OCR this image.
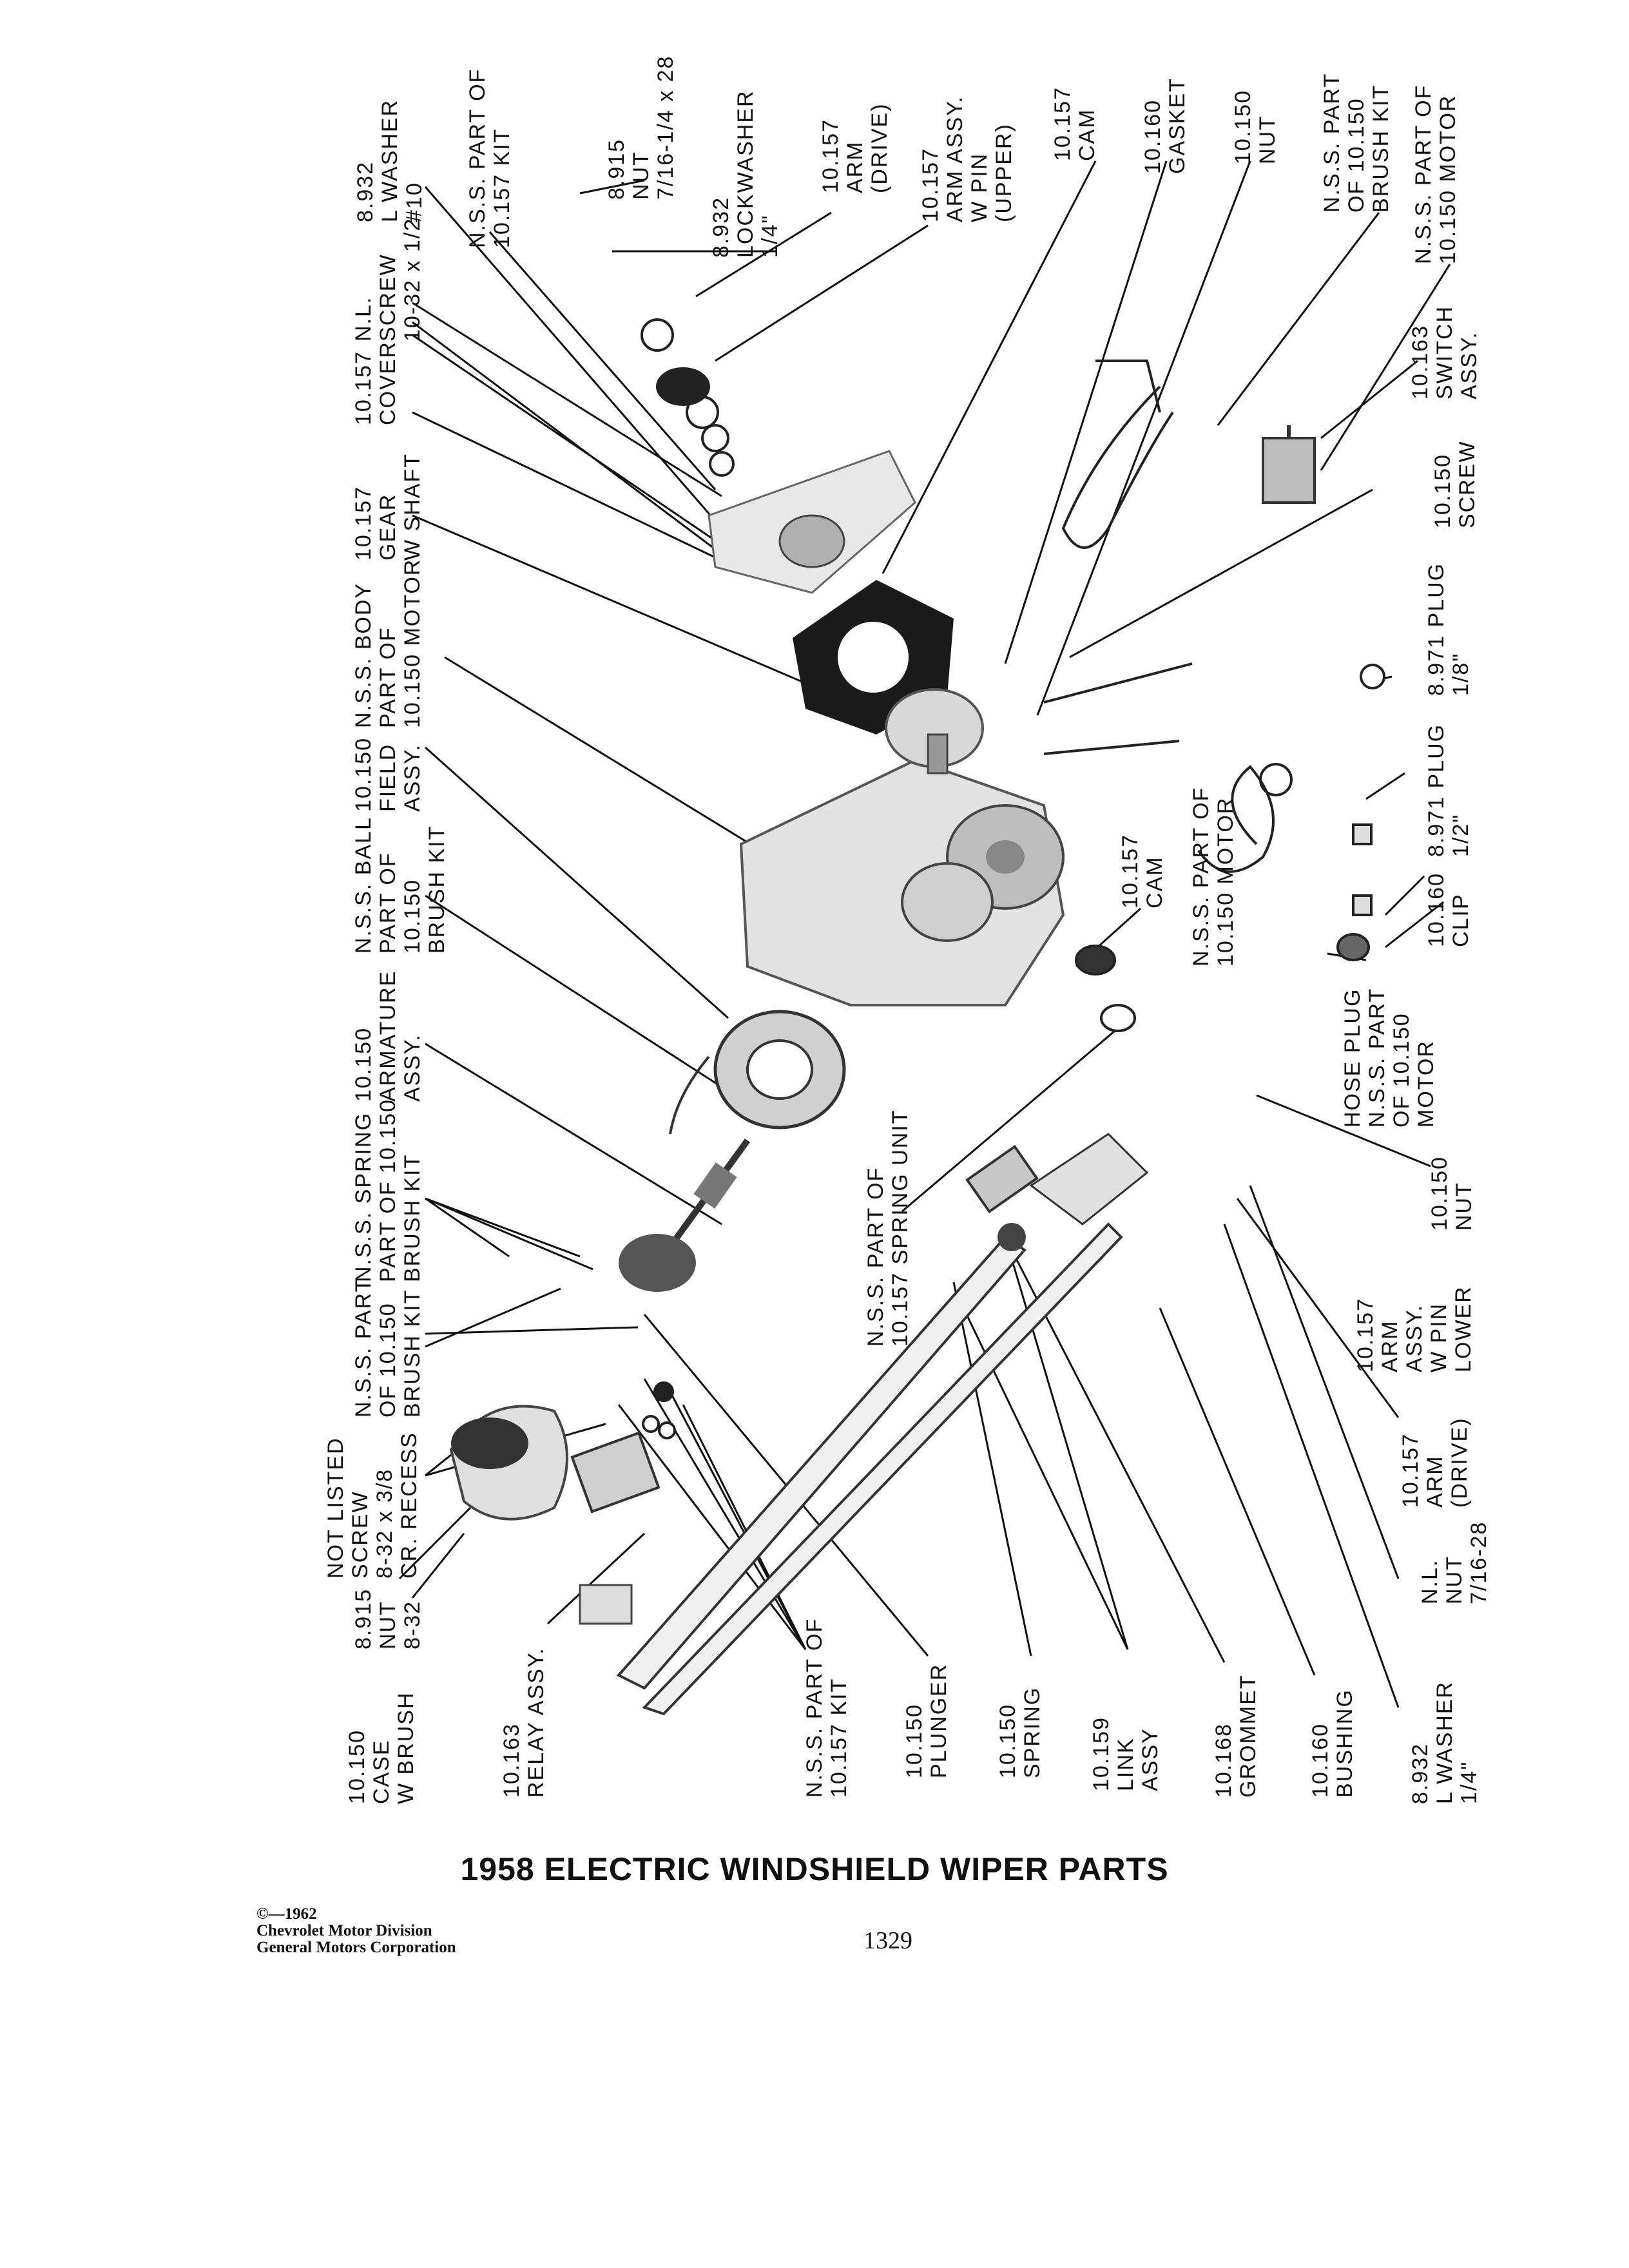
8.932
L WASHER
#10 N.S.S. PART OF
10.157 KIT	8.915
NUT
7/16-1/4 x 28
8.932
LOCKWASHER
1/4"
10.157
ARM
(DRIVE) 10.157
ARM ASSY.
W PIN
(UPPER) 10.157
CAM 10.160
GASKET 10.150
NUT
N.S.S. PART
OF 10.150
BRUSH KIT
N.S.S. PART OF
10.150 MOTOR
N.L.
SCREW
10-32 x 1/2
10.157
COVER
10.157
GEAR
W SHAFT
N.S.S. BODY
PART OF
10.150 MOTOR
10.150
FIELD
ASSY.
N.S.S. BALL
PART OF
10.150
BRUSH KIT
10.150
ARMATURE
ASSY.
N.S.S. SPRING
PART OF 10.150
BRUSH KIT
N.S.S. PART
OF 10.150
BRUSH KIT
NOT LISTED
SCREW
8-32 x 3/8
CR. RECESS
8.915
NUT
8-32
10.163
SWITCH
ASSY.
10.150
SCREW
8.971 PLUG
1/8"
8.971 PLUG
1/2"
10.160
CLIP
N.S.S. PART OF
10.150 MOTOR
10.157
CAM
HOSE PLUG
N.S.S. PART
OF 10.150
MOTOR
10.150
NUT
10.157
ARM
ASSY.
W PIN
LOWER
10.157
ARM
(DRIVE)
N.L.
NUT
7/16-28
N.S.S. PART OF
10.157 SPRING UNIT
10.150
CASE
W BRUSH	10.163
RELAY ASSY.
N.S.S. PART OF
10.157 KIT
10.150
PLUNGER 10.150
SPRING 10.159
LINK
ASSY 10.168
GROMMET 10.160
BUSHING 8.932
L WASHER
1/4"
1958 ELECTRIC WINDSHIELD WIPER PARTS
©—1962
Chevrolet Motor Division
General Motors Corporation	1329
